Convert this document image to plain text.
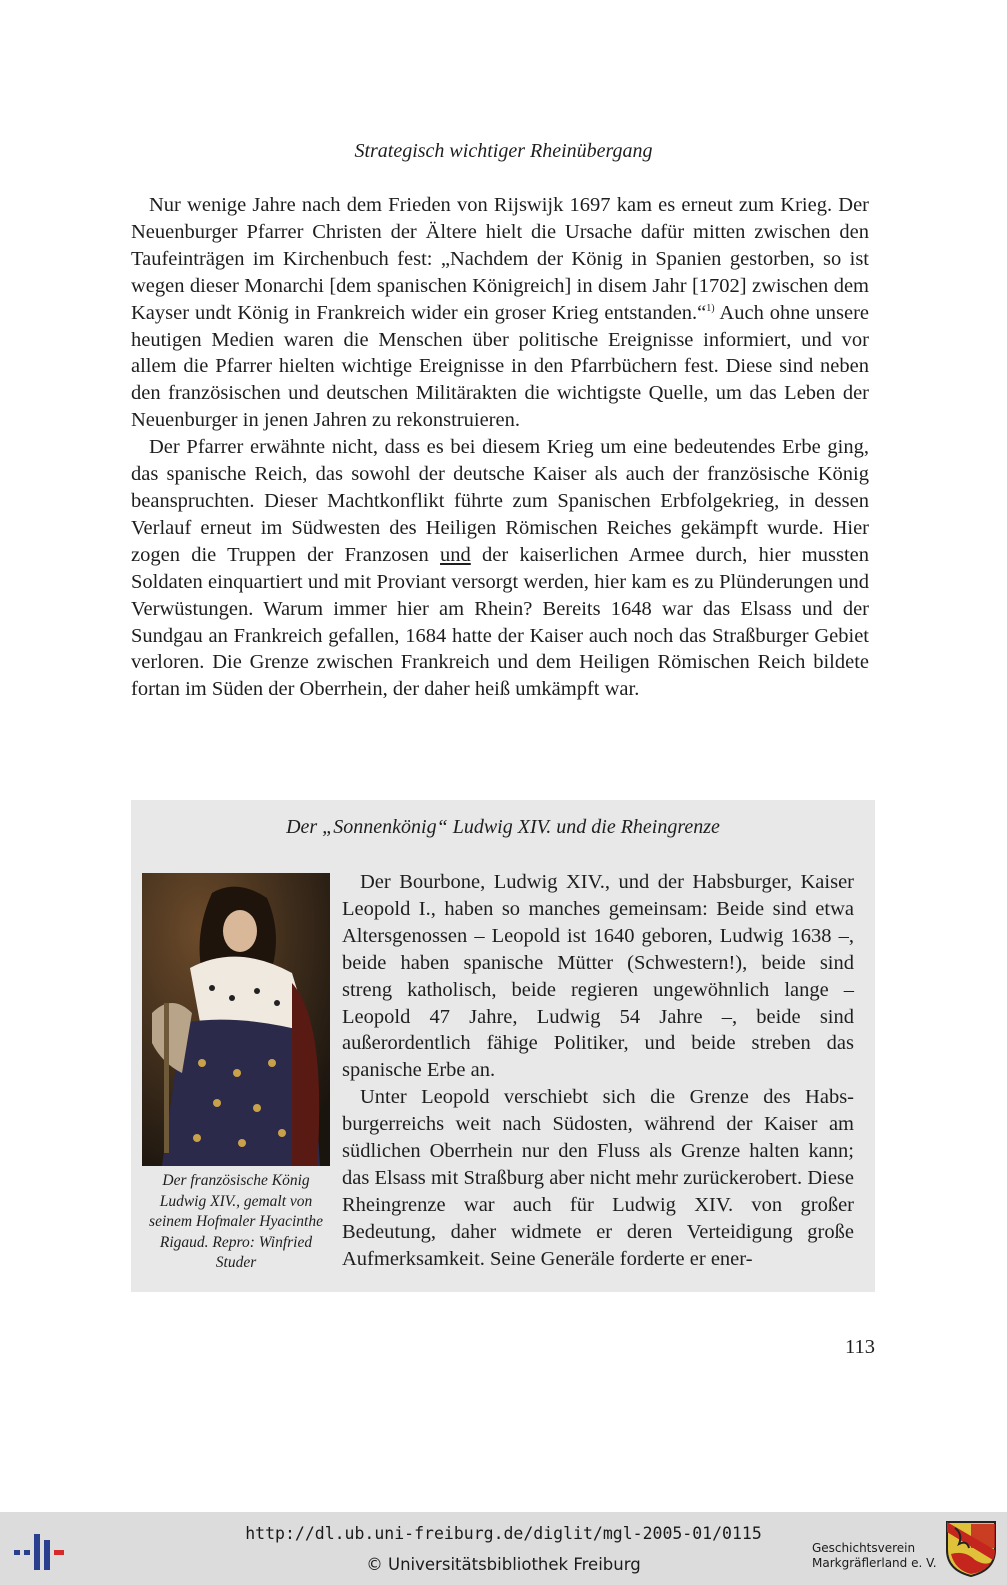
Strategisch wichtiger Rheinübergang

Nur wenige Jahre nach dem Frieden von Rijswijk 1697 kam es erneut zum Krieg. Der Neuenburger Pfarrer Christen der Ältere hielt die Ursache dafür mitten zwischen den Taufeinträgen im Kirchenbuch fest: „Nachdem der König in Spanien gestorben, so ist wegen dieser Monarchi [dem spanischen Königreich] in disem Jahr [1702] zwischen dem Kayser undt König in Frankreich wider ein groser Krieg entstanden.“$^{1)}$ Auch ohne unsere heutigen Medien waren die Menschen über politische Ereignisse informiert, und vor allem die Pfarrer hielten wichtige Ereignisse in den Pfarrbüchern fest. Diese sind neben den französischen und deutschen Militärakten die wichtigste Quelle, um das Leben der Neuenburger in jenen Jahren zu rekonstruieren.

Der Pfarrer erwähnte nicht, dass es bei diesem Krieg um eine bedeutendes Erbe ging, das spanische Reich, das sowohl der deutsche Kaiser als auch der französische König beanspruchten. Dieser Machtkonflikt führte zum Spanischen Erbfolgekrieg, in dessen Verlauf erneut im Südwesten des Heiligen Römischen Reiches gekämpft wurde. Hier zogen die Truppen der Franzosen und der kaiserlichen Armee durch, hier mussten Soldaten einquartiert und mit Proviant versorgt werden, hier kam es zu Plünderungen und Verwüstungen. Warum immer hier am Rhein? Bereits 1648 war das Elsass und der Sundgau an Frankreich gefallen, 1684 hatte der Kaiser auch noch das Straßburger Gebiet verloren. Die Grenze zwischen Frankreich und dem Heiligen Römischen Reich bildete fortan im Süden der Oberrhein, der daher heiß umkämpft war.

Der „Sonnenkönig“ Ludwig XIV. und die Rheingrenze
Der französische König Ludwig XIV., gemalt von seinem Hofmaler Hyacinthe Rigaud. Repro: Winfried Studer

Der Bourbone, Ludwig XIV., und der Habsburger, Kaiser Leopold I., haben so manches gemeinsam: Beide sind etwa Altersgenossen – Leopold ist 1640 geboren, Ludwig 1638 –, beide haben spanische Mütter (Schwestern!), beide sind streng katholisch, beide regieren ungewöhnlich lange – Leopold 47 Jahre, Ludwig 54 Jahre –, beide sind außerordentlich fähige Politiker, und beide streben das spanische Erbe an.

Unter Leopold verschiebt sich die Grenze des Habsburgerreichs weit nach Südosten, während der Kaiser am südlichen Oberrhein nur den Fluss als Grenze halten kann; das Elsass mit Straßburg aber nicht mehr zurückerobert. Diese Rheingrenze war auch für Ludwig XIV. von großer Bedeutung, daher widmete er deren Verteidigung große Aufmerksamkeit. Seine Generäle forderte er ener-

113
http://dl.ub.uni-freiburg.de/diglit/mgl-2005-01/0115
© Universitätsbibliothek Freiburg
Geschichtsverein
Markgräflerland e. V.
